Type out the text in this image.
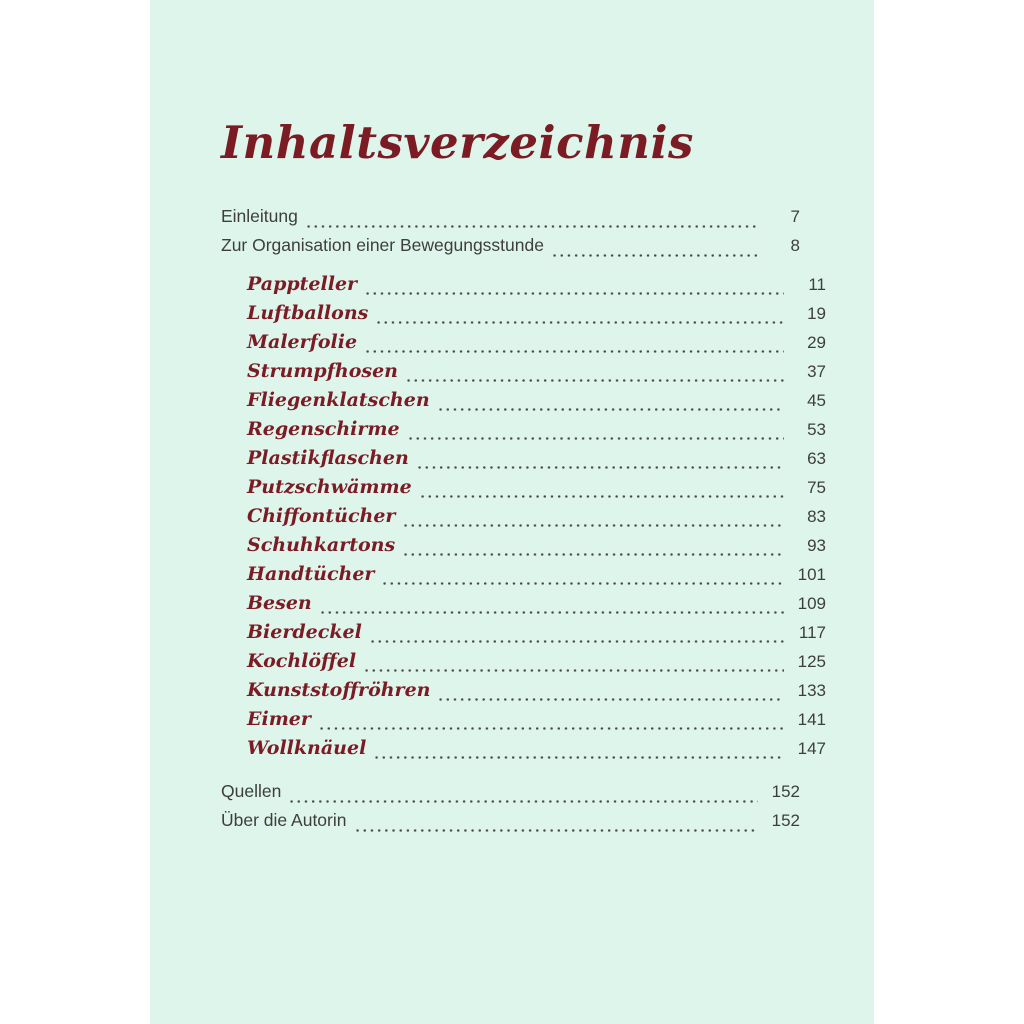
Inhaltsverzeichnis
Einleitung	7
Zur Organisation einer Bewegungsstunde	8
Pappteller	11
Luftballons	19
Malerfolie	29
Strumpfhosen	37
Fliegenklatschen	45
Regenschirme	53
Plastikflaschen	63
Putzschwämme	75
Chiffontücher	83
Schuhkartons	93
Handtücher	101
Besen	109
Bierdeckel	117
Kochlöffel	125
Kunststoffröhren	133
Eimer	141
Wollknäuel	147
Quellen	152
Über die Autorin	152
